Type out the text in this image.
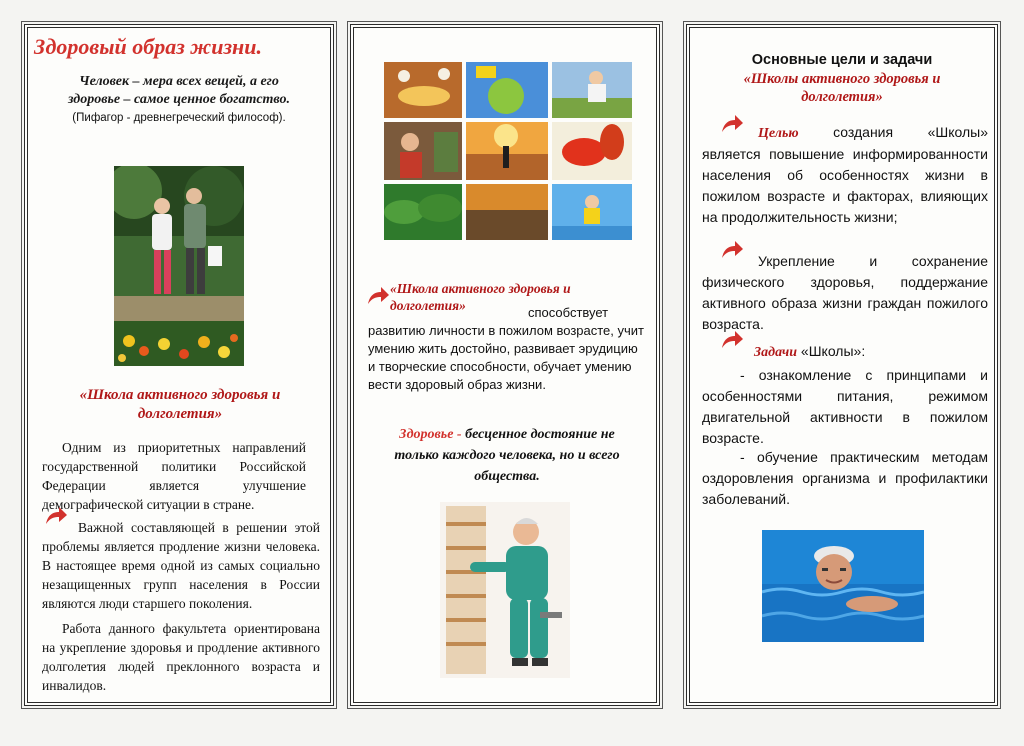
Здоровый образ жизни.
Человек – мера всех вещей, а его
здоровье – самое ценное богатство.
(Пифагор - древнегреческий философ).
«Школа активного здоровья и долголетия»

Одним из приоритетных направлений государственной политики Российской Федерации является улучшение демографической ситуации в стране.

Важной составляющей в решении этой проблемы является продление жизни человека. В настоящее время одной из самых социально незащищенных групп населения в России являются люди старшего поколения.

Работа данного факультета ориентирована на укрепление здоровья и продление активного долголетия людей преклонного возраста и инвалидов.

«Школа активного здоровья и долголетия»	способствует развитию личности в пожилом возрасте, учит умению жить достойно, развивает эрудицию и творческие способности, обучает умению вести здоровый образ жизни.

Здоровье - бесценное достояние не только каждого человека, но и всего общества.

Основные цели и задачи
«Школы активного здоровья и долголетия»

Целью создания «Школы» является повышение информированности населения об особенностях жизни в пожилом возрасте и факторах, влияющих на продолжительность жизни;

Укрепление и сохранение физического здоровья, поддержание активного образа жизни граждан пожилого возраста.

Задачи «Школы»:

- ознакомление с принципами и особенностями питания, режимом двигательной активности в пожилом возрасте.

- обучение практическим методам оздоровления организма и профилактики заболеваний.
